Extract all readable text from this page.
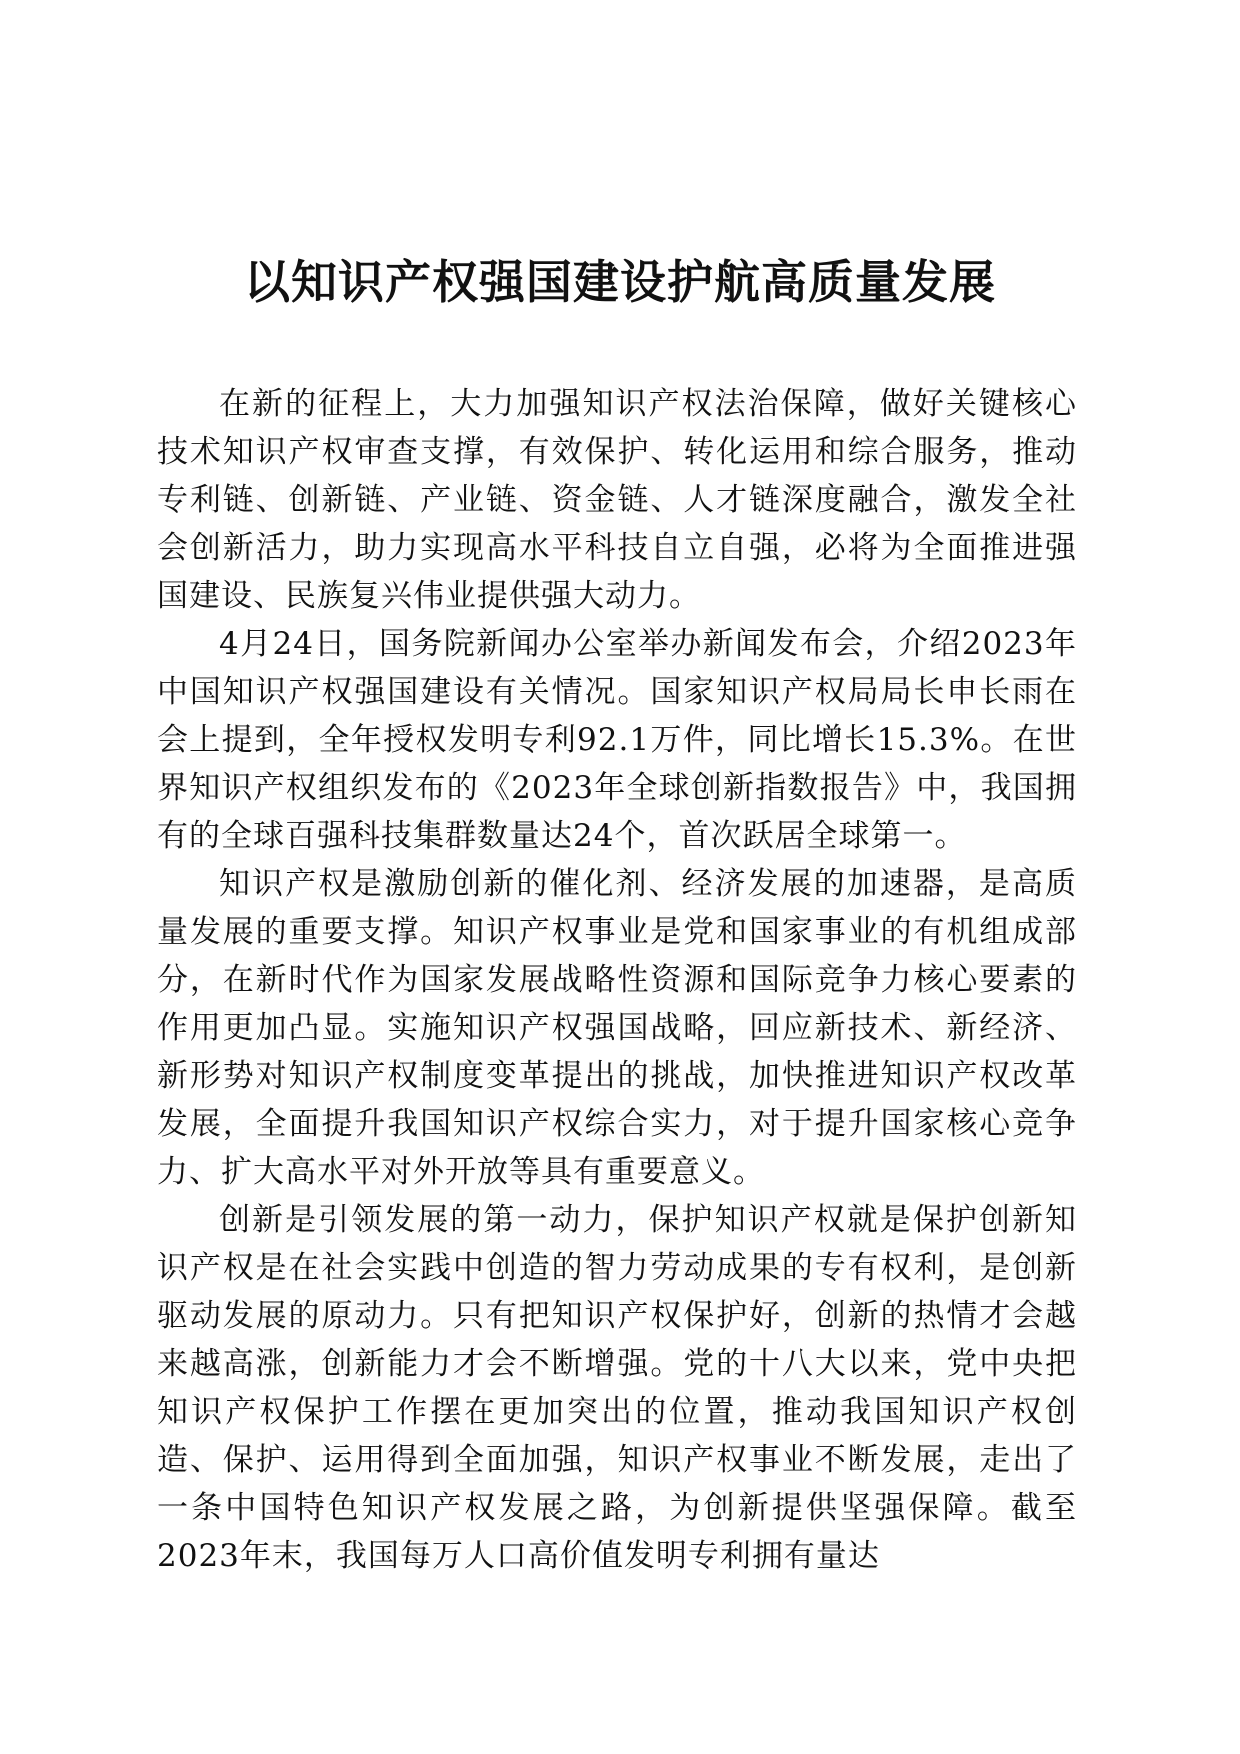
以知识产权强国建设护航高质量发展

在新的征程上，大力加强知识产权法治保障，做好关键核心技术知识产权审查支撑，有效保护、转化运用和综合服务，推动专利链、创新链、产业链、资金链、人才链深度融合，激发全社会创新活力，助力实现高水平科技自立自强，必将为全面推进强国建设、民族复兴伟业提供强大动力。

4月24日，国务院新闻办公室举办新闻发布会，介绍2023年中国知识产权强国建设有关情况。国家知识产权局局长申长雨在会上提到，全年授权发明专利92.1万件，同比增长15.3%。在世界知识产权组织发布的《2023年全球创新指数报告》中，我国拥有的全球百强科技集群数量达24个，首次跃居全球第一。

知识产权是激励创新的催化剂、经济发展的加速器，是高质量发展的重要支撑。知识产权事业是党和国家事业的有机组成部分，在新时代作为国家发展战略性资源和国际竞争力核心要素的作用更加凸显。实施知识产权强国战略，回应新技术、新经济、新形势对知识产权制度变革提出的挑战，加快推进知识产权改革发展，全面提升我国知识产权综合实力，对于提升国家核心竞争力、扩大高水平对外开放等具有重要意义。

创新是引领发展的第一动力，保护知识产权就是保护创新知识产权是在社会实践中创造的智力劳动成果的专有权利，是创新驱动发展的原动力。只有把知识产权保护好，创新的热情才会越来越高涨，创新能力才会不断增强。党的十八大以来，党中央把知识产权保护工作摆在更加突出的位置，推动我国知识产权创造、保护、运用得到全面加强，知识产权事业不断发展，走出了一条中国特色知识产权发展之路，为创新提供坚强保障。截至2023年末，我国每万人口高价值发明专利拥有量达
